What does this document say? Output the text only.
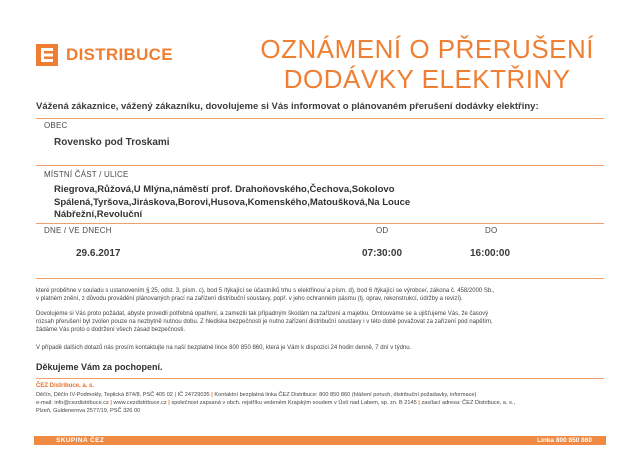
DISTRIBUCE	OZNÁMENÍ O PŘERUŠENÍ
DODÁVKY ELEKTŘINY
Vážená zákaznice, vážený zákazníku, dovolujeme si Vás informovat o plánovaném přerušení dodávky elektřiny:
OBEC
Rovensko pod Troskami
MÍSTNÍ ČÁST / ULICE
Riegrova,Růžová,U Mlýna,náměstí prof. Drahoňovského,Čechova,Sokolovo
Spálená,Tyršova,Jiráskova,Borovi,Husova,Komenského,Matoušková,Na Louce
Nábřežní,Revoluční
DNE / VE DNECH	OD	DO
29.6.2017	07:30:00	16:00:00
které proběhne v souladu s ustanovením § 25, odst. 3, písm. c), bod 5 /týkající se účastníků trhu s elektřinou/ a písm. d), bod 6 /týkající se výrobce/, zákona č. 458/2000 Sb.,
v platném znění, z důvodu provádění plánovaných prací na zařízení distribuční soustavy, popř. v jeho ochranném pásmu (tj. oprav, rekonstrukcí, údržby a revizí).
Dovolujeme si Vás proto požádat, abyste provedli potřebná opatření, a zamezili tak případným škodám na zařízení a majetku. Omlouváme se a ujišťujeme Vás, že časový
rozsah přerušení byl zvolen pouze na nezbytně nutnou dobu. Z hlediska bezpečnosti je nutno zařízení distribuční soustavy i v této době považovat za zařízení pod napětím,
žádáme Vás proto o dodržení všech zásad bezpečnosti.
V případě dalších dotazů nás prosím kontaktujte na naší bezplatné lince 800 850 860, která je Vám k dispozici 24 hodin denně, 7 dní v týdnu.
Děkujeme Vám za pochopení.
ČEZ Distribuce, a. s.
Děčín, Děčín IV-Podmokly, Teplická 874/8, PSČ 405 02 | IČ 24729035 | Kontaktní bezplatná linka ČEZ Distribuce: 800 850 860 (hlášení poruch, distribuční požadavky, informace)
e-mail: info@cezdistribuce.cz | www.cezdistribuce.cz | společnost zapsaná v obch. rejstříku vedeném Krajským soudem v Ústí nad Labem, sp. zn. B 2145 | zasílací adresa: ČEZ Distribuce, a. s.,
Plzeň, Guldenerova 2577/19, PSČ 326 00
SKUPINA ČEZ	Linka 800 850 860
